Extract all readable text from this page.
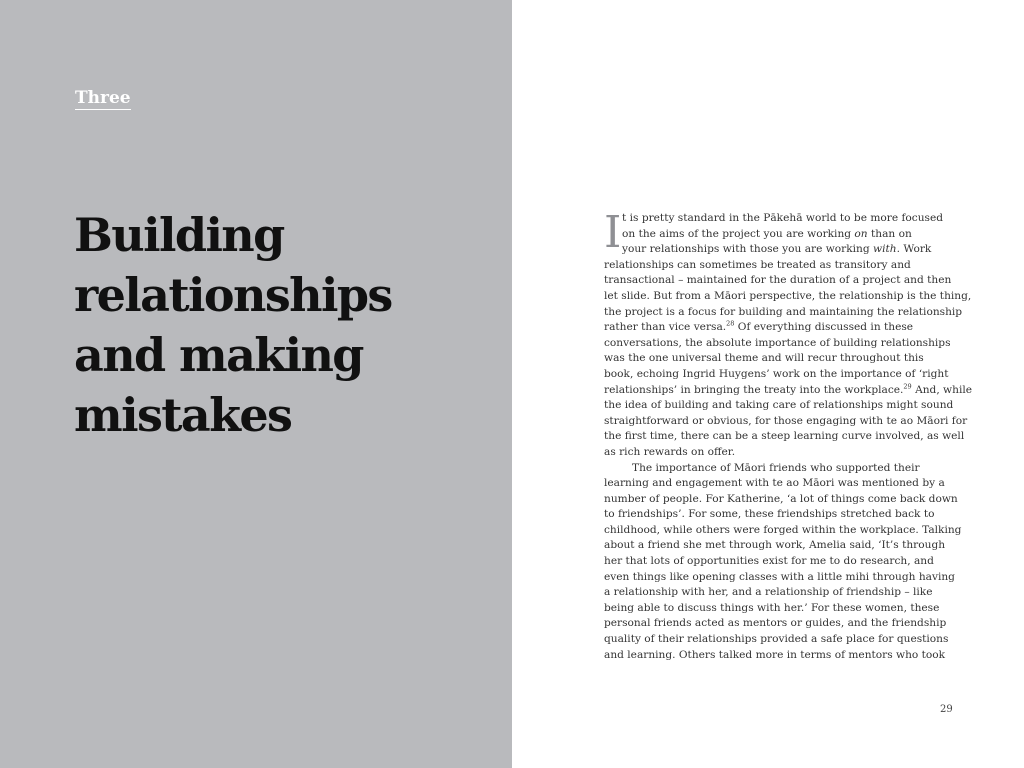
Three
Building
relationships
and making
mistakes
I t is pretty standard in the Pākehā world to be more focused
on the aims of the project you are working on than on
your relationships with those you are working with. Work
relationships can sometimes be treated as transitory and
transactional – maintained for the duration of a project and then
let slide. But from a Māori perspective, the relationship is the thing,
the project is a focus for building and maintaining the relationship
rather than vice versa.$^{28}$ Of everything discussed in these
conversations, the absolute importance of building relationships
was the one universal theme and will recur throughout this
book, echoing Ingrid Huygens’ work on the importance of ‘right
relationships’ in bringing the treaty into the workplace.$^{29}$ And, while
the idea of building and taking care of relationships might sound
straightforward or obvious, for those engaging with te ao Māori for
the first time, there can be a steep learning curve involved, as well
as rich rewards on offer.
The importance of Māori friends who supported their
learning and engagement with te ao Māori was mentioned by a
number of people. For Katherine, ‘a lot of things come back down
to friendships’. For some, these friendships stretched back to
childhood, while others were forged within the workplace. Talking
about a friend she met through work, Amelia said, ‘It’s through
her that lots of opportunities exist for me to do research, and
even things like opening classes with a little mihi through having
a relationship with her, and a relationship of friendship – like
being able to discuss things with her.’ For these women, these
personal friends acted as mentors or guides, and the friendship
quality of their relationships provided a safe place for questions
and learning. Others talked more in terms of mentors who took
29
